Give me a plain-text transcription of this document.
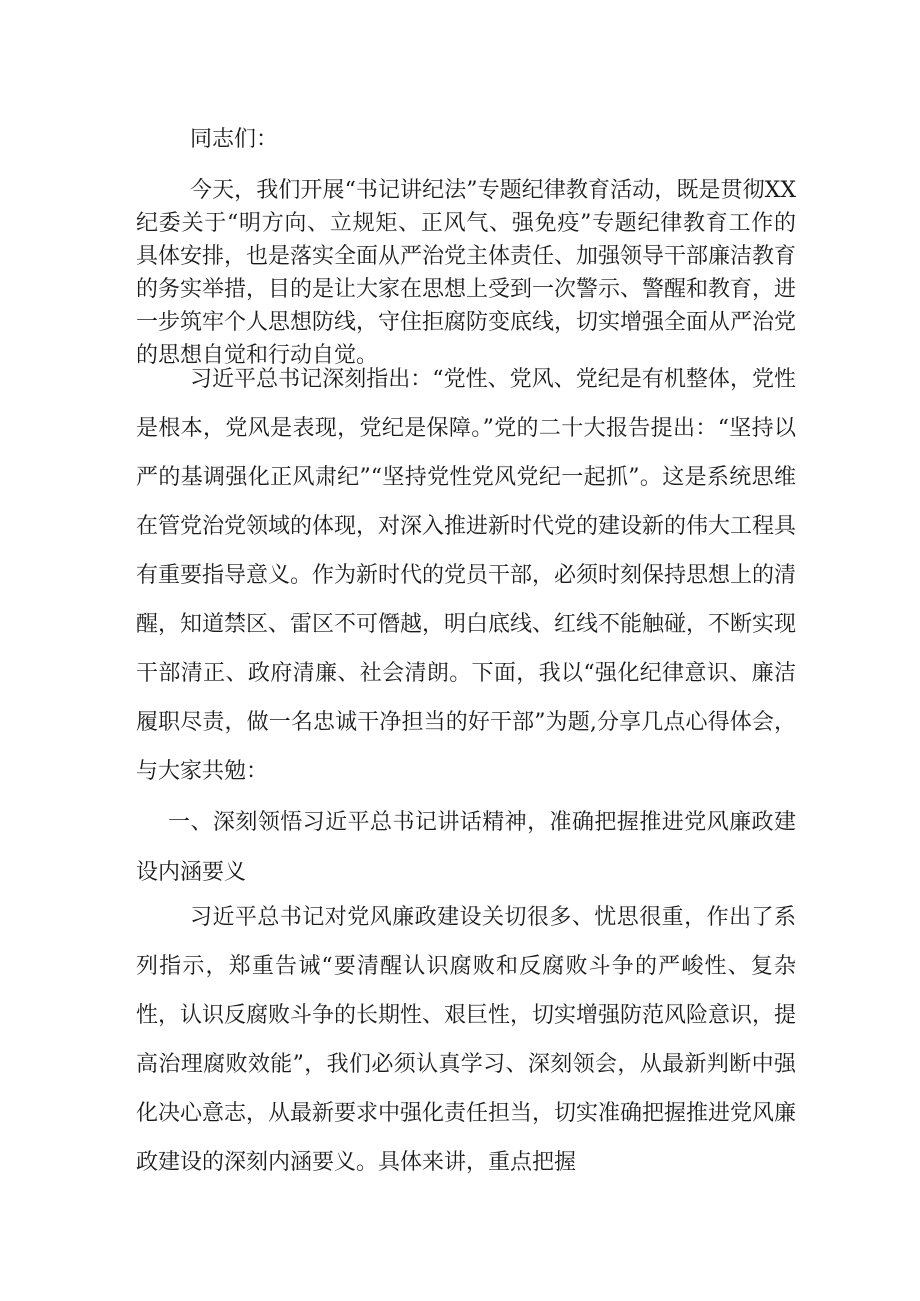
同志们：

今天，我们开展“书记讲纪法”专题纪律教育活动，既是贯彻XX纪委关于“明方向、立规矩、正风气、强免疫”专题纪律教育工作的具体安排，也是落实全面从严治党主体责任、加强领导干部廉洁教育的务实举措，目的是让大家在思想上受到一次警示、警醒和教育，进一步筑牢个人思想防线，守住拒腐防变底线，切实增强全面从严治党的思想自觉和行动自觉。

习近平总书记深刻指出：“党性、党风、党纪是有机整体，党性是根本，党风是表现，党纪是保障。”党的二十大报告提出：“坚持以严的基调强化正风肃纪”“坚持党性党风党纪一起抓”。这是系统思维在管党治党领域的体现，对深入推进新时代党的建设新的伟大工程具有重要指导意义。作为新时代的党员干部，必须时刻保持思想上的清醒，知道禁区、雷区不可僭越，明白底线、红线不能触碰，不断实现干部清正、政府清廉、社会清朗。下面，我以“强化纪律意识、廉洁履职尽责，做一名忠诚干净担当的好干部”为题,分享几点心得体会，与大家共勉：

一、深刻领悟习近平总书记讲话精神，准确把握推进党风廉政建设内涵要义

习近平总书记对党风廉政建设关切很多、忧思很重，作出了系列指示，郑重告诫“要清醒认识腐败和反腐败斗争的严峻性、复杂性，认识反腐败斗争的长期性、艰巨性，切实增强防范风险意识，提高治理腐败效能”，我们必须认真学习、深刻领会，从最新判断中强化决心意志，从最新要求中强化责任担当，切实准确把握推进党风廉政建设的深刻内涵要义。具体来讲，重点把握
